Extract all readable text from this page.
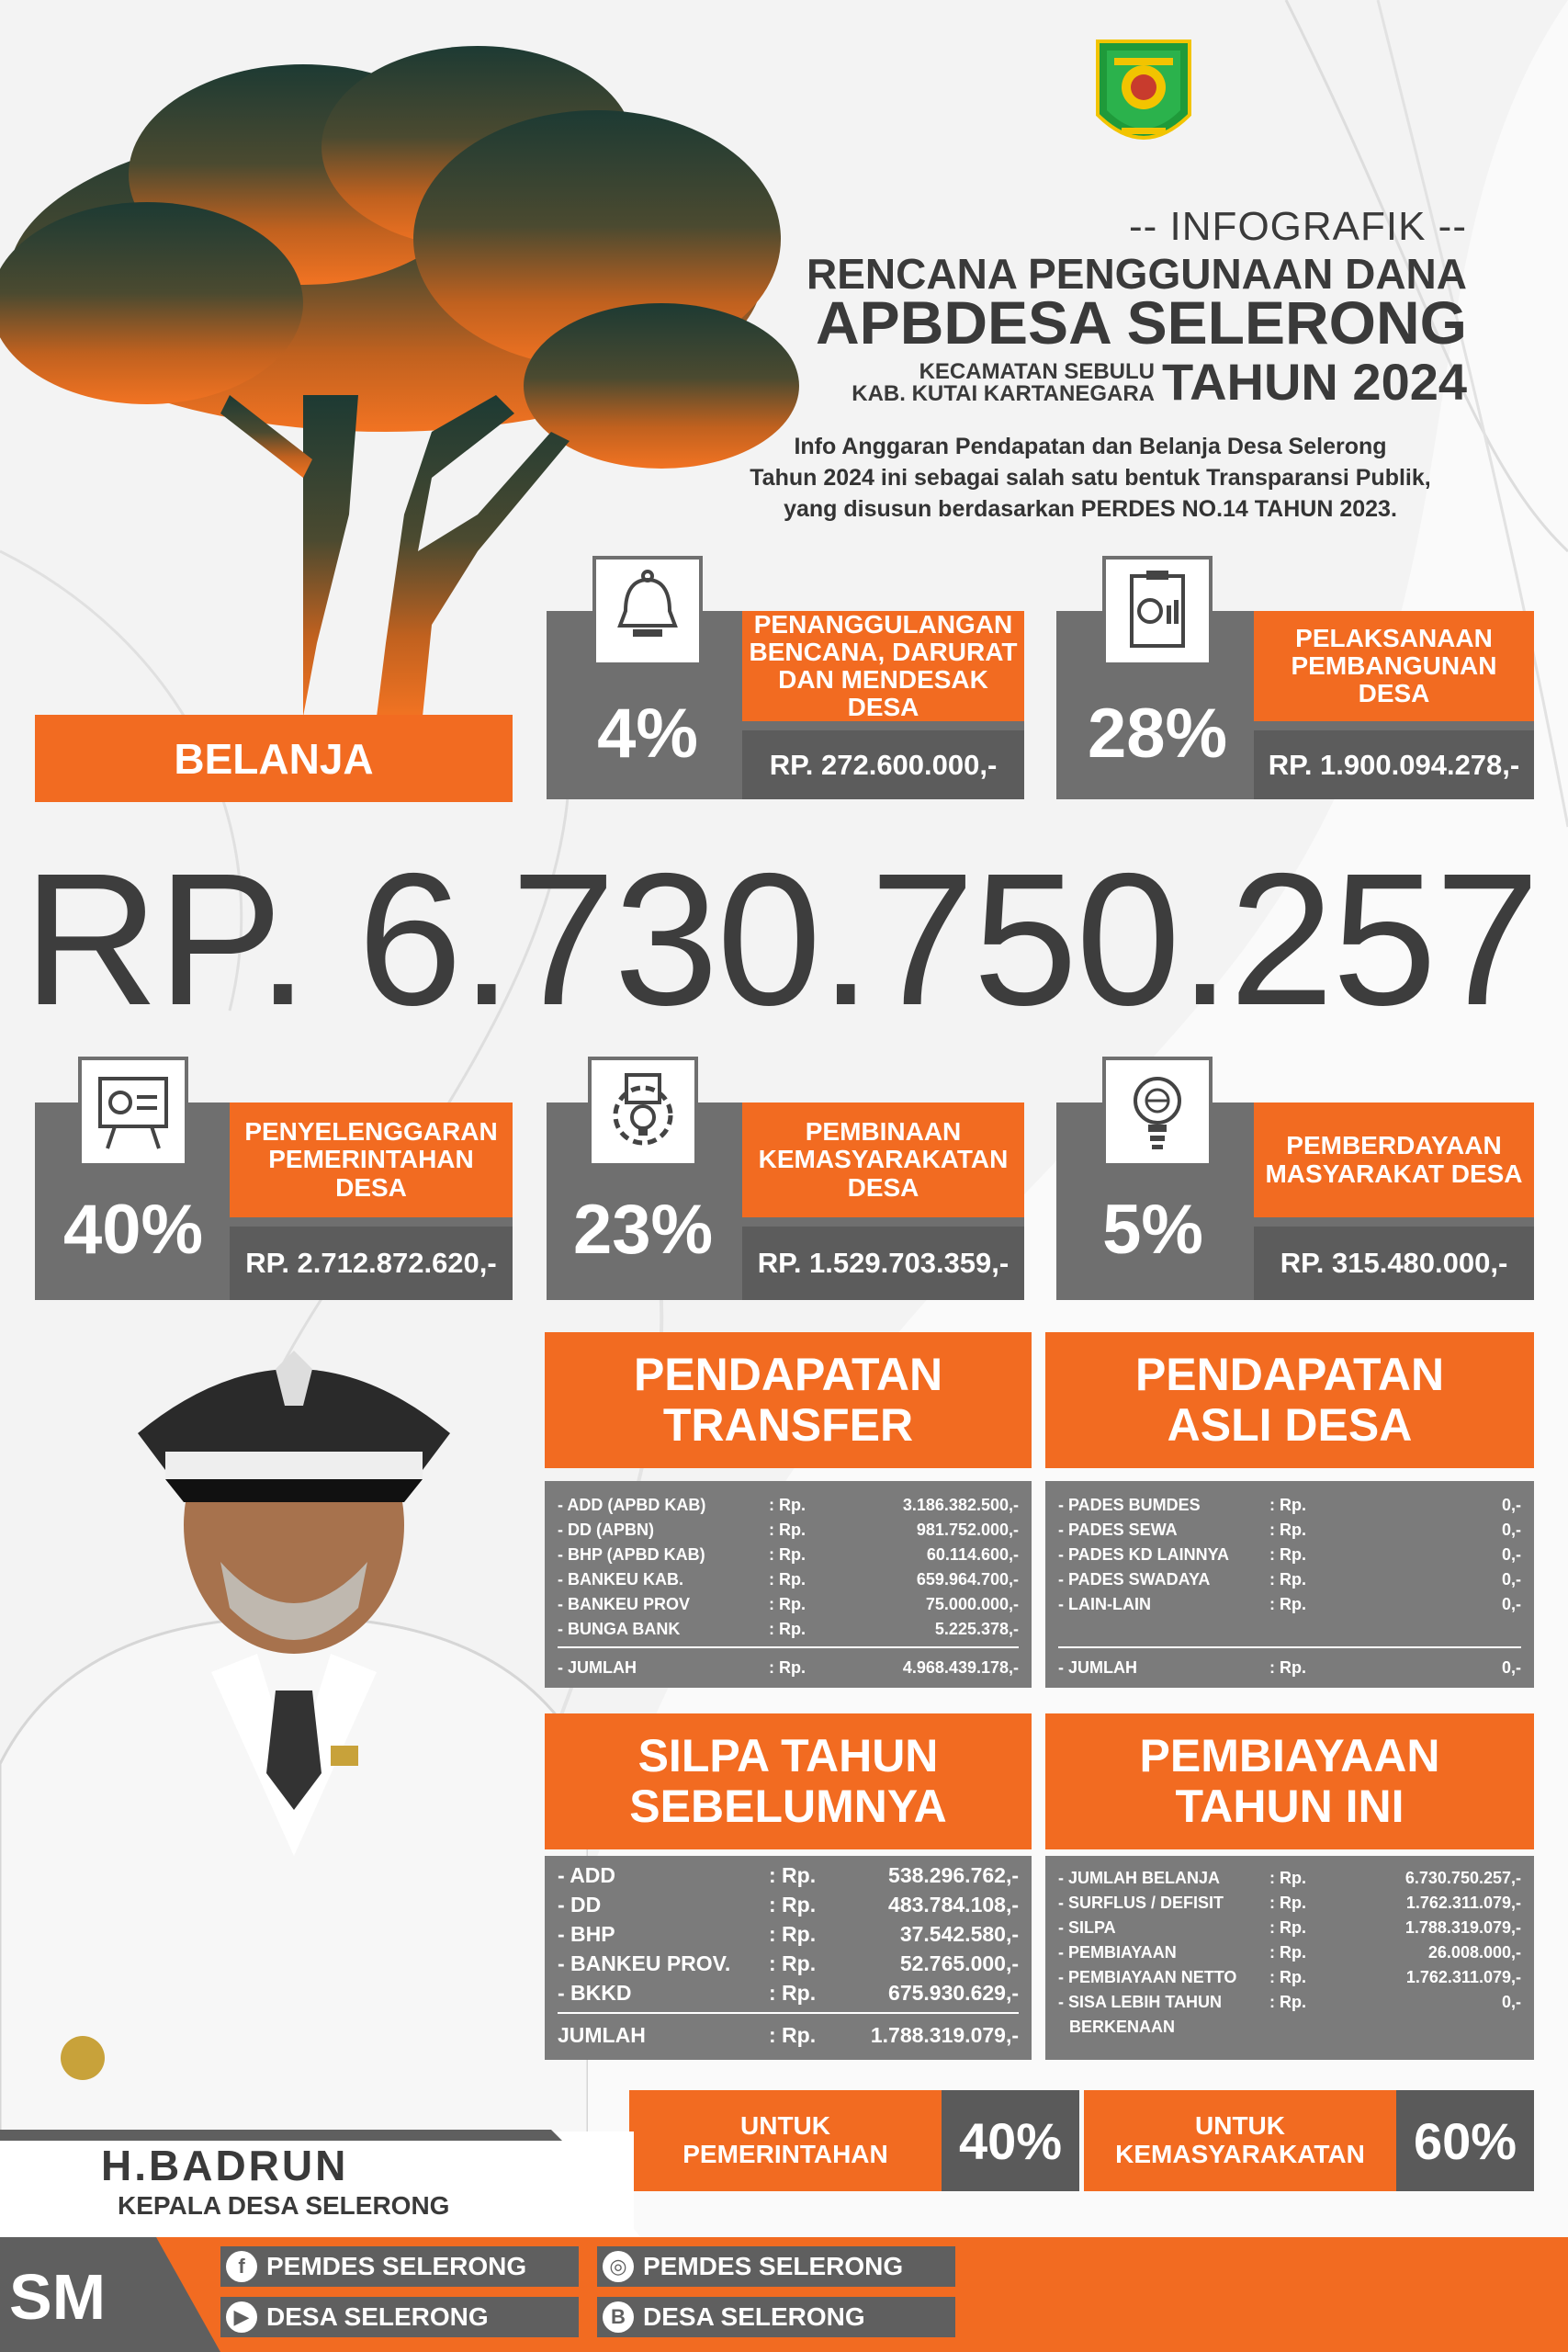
-- INFOGRAFIK --
RENCANA PENGGUNAAN DANA
APBDESA SELERONG
KECAMATAN SEBULU
KAB. KUTAI KARTANEGARA TAHUN 2024
Info Anggaran Pendapatan dan Belanja Desa Selerong
Tahun 2024 ini sebagai salah satu bentuk Transparansi Publik,
yang disusun berdasarkan PERDES NO.14 TAHUN 2023.
BELANJA	4%
PENANGGULANGAN BENCANA, DARURAT DAN MENDESAK DESA
RP. 272.600.000,-	28%
PELAKSANAAN PEMBANGUNAN DESA
RP. 1.900.094.278,-
RP. 6.730.750.257
40%
PENYELENGGARAN PEMERINTAHAN DESA
RP. 2.712.872.620,-	23%
PEMBINAAN KEMASYARAKATAN DESA
RP. 1.529.703.359,-	5%
PEMBERDAYAAN MASYARAKAT DESA
RP. 315.480.000,-
PENDAPATAN TRANSFER
- ADD (APBD KAB)	: Rp.	3.186.382.500,-
- DD (APBN)	: Rp.	981.752.000,-
- BHP (APBD KAB)	: Rp.	60.114.600,-
- BANKEU KAB.	: Rp.	659.964.700,-
- BANKEU PROV	: Rp.	75.000.000,-
- BUNGA BANK	: Rp.	5.225.378,-
- JUMLAH	: Rp.	4.968.439.178,-
PENDAPATAN ASLI DESA
- PADES BUMDES	: Rp.	0,-
- PADES SEWA	: Rp.	0,-
- PADES KD LAINNYA	: Rp.	0,-
- PADES SWADAYA	: Rp.	0,-
- LAIN-LAIN	: Rp.	0,-
- JUMLAH	: Rp.	0,-
SILPA TAHUN SEBELUMNYA
- ADD	: Rp.	538.296.762,-
- DD	: Rp.	483.784.108,-
- BHP	: Rp.	37.542.580,-
- BANKEU PROV.	: Rp.	52.765.000,-
- BKKD	: Rp.	675.930.629,-
JUMLAH	: Rp.	1.788.319.079,-
PEMBIAYAAN TAHUN INI
- JUMLAH BELANJA	: Rp.	6.730.750.257,-
- SURFLUS / DEFISIT	: Rp.	1.762.311.079,-
- SILPA	: Rp.	1.788.319.079,-
- PEMBIAYAAN	: Rp.	26.008.000,-
- PEMBIAYAAN NETTO	: Rp.	1.762.311.079,-
- SISA LEBIH TAHUN	: Rp.	0,-
BERKENAAN
UNTUK
PEMERINTAHAN	40%	UNTUK
KEMASYARAKATAN 60%
H.BADRUN
KEPALA DESA SELERONG
SM	f PEMDES SELERONG	◎ PEMDES SELERONG
▶ DESA SELERONG	B DESA SELERONG
